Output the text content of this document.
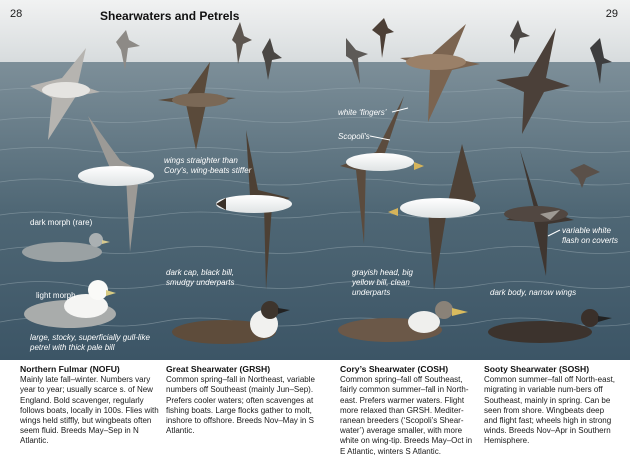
28	29
Shearwaters and Petrels
dark morph (rare)
light morph
large, stocky, superficially gull-like petrel with thick pale bill
wings straighter than Cory's, wing-beats stiffer
dark cap, black bill, smudgy underparts
white ‘fingers’
Scopoli's
grayish head, big yellow bill, clean underparts
variable white flash on coverts
dark body, narrow wings
Northern Fulmar (NOFU)

Mainly late fall–winter. Numbers vary year to year; usually scarce s. of New England. Bold scavenger, regularly follows boats, locally in 100s. Flies with wings held stiffly, but wingbeats often seem fluid. Breeds May–Sep in N Atlantic.

Great Shearwater (GRSH)

Common spring–fall in Northeast, variable numbers off Southeast (mainly Jun–Sep). Prefers cooler waters; often scavenges at fishing boats. Large flocks gather to molt, inshore to offshore. Breeds Nov–May in S Atlantic.

Cory’s Shearwater (COSH)

Common spring–fall off Southeast, fairly common summer–fall in North-east. Prefers warmer waters. Flight more relaxed than GRSH. Mediter-ranean breeders (‘Scopoli’s Shear-water’) average smaller, with more white on wing-tip. Breeds May–Oct in E Atlantic, winters S Atlantic.

Sooty Shearwater (SOSH)

Common summer–fall off North-east, migrating in variable num-bers off Southeast, mainly in spring. Can be seen from shore. Wingbeats deep and flight fast; wheels high in strong winds. Breeds Nov–Apr in Southern Hemisphere.
